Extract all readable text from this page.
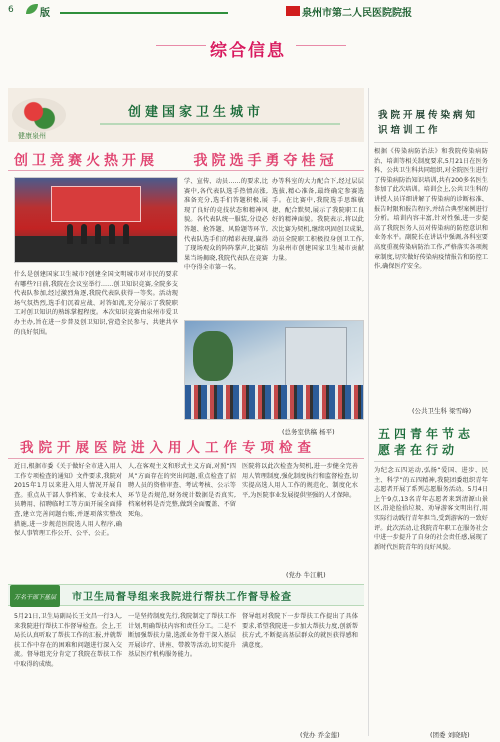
6	版	泉州市第二人民医院院报
综合信息
健康泉州
创建国家卫生城市
创卫竞赛火热开展	我院选手勇夺桂冠
什么是创建国家卫生城市?创建全国文明城市对市民的要求有哪些?日前,我院在会议室举行……创卫知识竞赛,全院多支代表队参加,经过激烈角逐,我院代表队获得一等奖。活动现场气氛热烈,选手们沉着应战、对答如流,充分展示了我院职工对创卫知识的熟练掌握程度。本次知识竞赛由泉州市爱卫办主办,旨在进一步普及创卫知识,营造全民参与、共建共享的良好氛围。
学、宣传、动员……的要求,比赛中,各代表队选手热情高涨,准备充分,选手们答题积极,展现了良好的竞技状态和精神风貌。各代表队统一服装,分设必答题、抢答题、风险题等环节,代表队选手们的精彩表现,赢得了现场观众的阵阵掌声,比赛结果当场揭晓,我院代表队在竞赛中夺得全市第一名。
办等科室的大力配合下,经过层层选拔,精心准备,最终确定参赛选手。在比赛中,我院选手思维敏捷、配合默契,展示了我院职工良好的精神面貌。我院表示,将以此次比赛为契机,继续巩固创卫成果,动员全院职工积极投身创卫工作,为泉州市创建国家卫生城市贡献力量。
(总务室供稿 杨平)
我院开展传染病知识培训工作
根据《传染病防治法》和我院传染病防治、培训等相关制度要求,5月21日在医务科、公共卫生科共同组织,对全院医生进行了传染病防治知识培训,共有200多名医生参加了此次培训。培训会上,公共卫生科的讲授人员详细讲解了传染病的诊断标准、报告时限和报告程序,并结合典型案例进行分析。培训内容丰富,针对性强,进一步提高了我院医务人员对传染病的防控意识和业务水平。副院长在讲话中强调,各科室要高度重视传染病防治工作,严格落实各项规章制度,切实做好传染病疫情报告和防控工作,确保医疗安全。
(公共卫生科 梁雪峰)
五四青年节志愿者在行动
为纪念五四运动,弘扬“爱国、进步、民主、科学”的五四精神,我院团委组织青年志愿者开展了系列志愿服务活动。5月4日上午9点,13名青年志愿者来到清源山景区,沿途捡拾垃圾、劝导游客文明出行,用实际行动践行青年担当,受到游客的一致好评。此次活动,让我院青年职工在服务社会中进一步提升了自身的社会责任感,展现了新时代医院青年的良好风貌。
(团委 刘晓晓)
我院开展医院进入用人工作专项检查
近日,根据市委《关于做好全市进入用人工作专项检查的通知》文件要求,我院对2015年1月以来进入用人情况开展自查。重点从干部人事档案、专业技术人员聘用、招聘临时工等方面开展全面排查,建立完善问题台账,并逐项落实整改措施,进一步规范医院选人用人程序,确保人事管理工作公开、公平、公正。
人,在客观主义和形式主义方面,对照“四风”方面存在的突出问题,重点检查了招聘人员的资格审查、考试考核、公示等环节是否规范,财务统计数据是否真实,档案材料是否完整,做到全面覆盖、不留死角。
医院将以此次检查为契机,进一步健全完善用人管理制度,强化制度执行和监督检查,切实提高选人用人工作的规范化、制度化水平,为医院事业发展提供坚强的人才保障。
(党办 牛江帆)
万名干部下基层 市卫生局督导组来我院进行帮扶工作督导检查
5月21日,卫生局副局长王文昌一行3人,来我院进行帮扶工作督导检查。会上,王局长认真听取了帮扶工作的汇报,并就帮扶工作中存在的困难和问题进行深入交流。督导组充分肯定了我院在帮扶工作中取得的成绩。
一是坚持制度先行,我院制定了帮扶工作计划,明确帮扶内容和责任分工。二是不断加强帮扶力量,选派业务骨干深入基层开展诊疗、讲座、带教等活动,切实提升基层医疗机构服务能力。
督导组对我院下一步帮扶工作提出了具体要求,希望我院进一步加大帮扶力度,创新帮扶方式,不断提高基层群众的就医获得感和满意度。
(党办 乔金莲)
